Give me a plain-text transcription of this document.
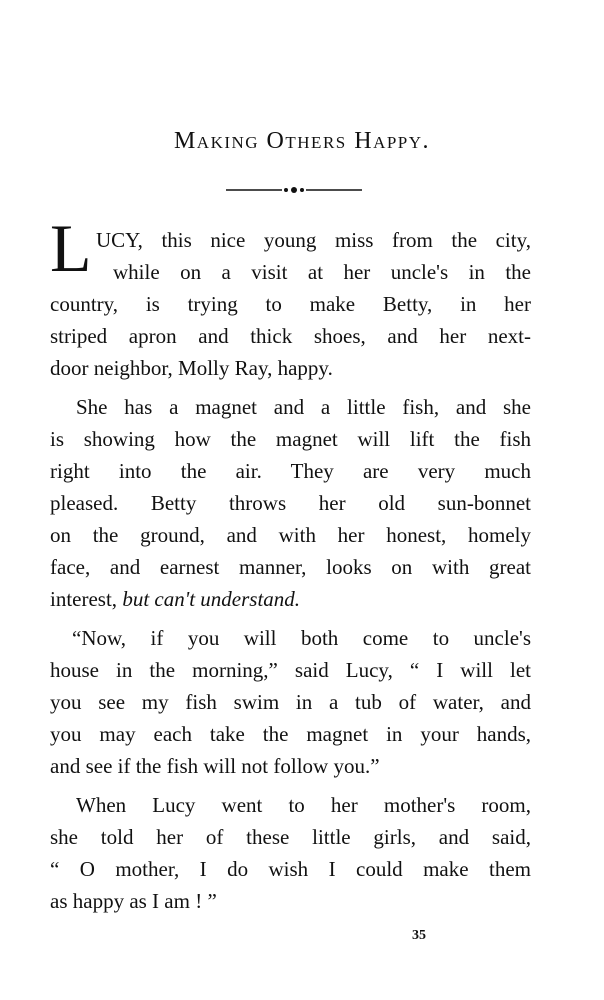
Making Others Happy.
L UCY, this nice young miss from the city,
while on a visit at her uncle's in the
country, is trying to make Betty, in her
striped apron and thick shoes, and her next-
door neighbor, Molly Ray, happy.
She has a magnet and a little fish, and she
is showing how the magnet will lift the fish
right into the air. They are very much
pleased. Betty throws her old sun-bonnet
on the ground, and with her honest, homely
face, and earnest manner, looks on with great
interest, but can't understand.
“Now, if you will both come to uncle's
house in the morning,” said Lucy, “ I will let
you see my fish swim in a tub of water, and
you may each take the magnet in your hands,
and see if the fish will not follow you.”
When Lucy went to her mother's room,
she told her of these little girls, and said,
“ O mother, I do wish I could make them
as happy as I am ! ”
35
